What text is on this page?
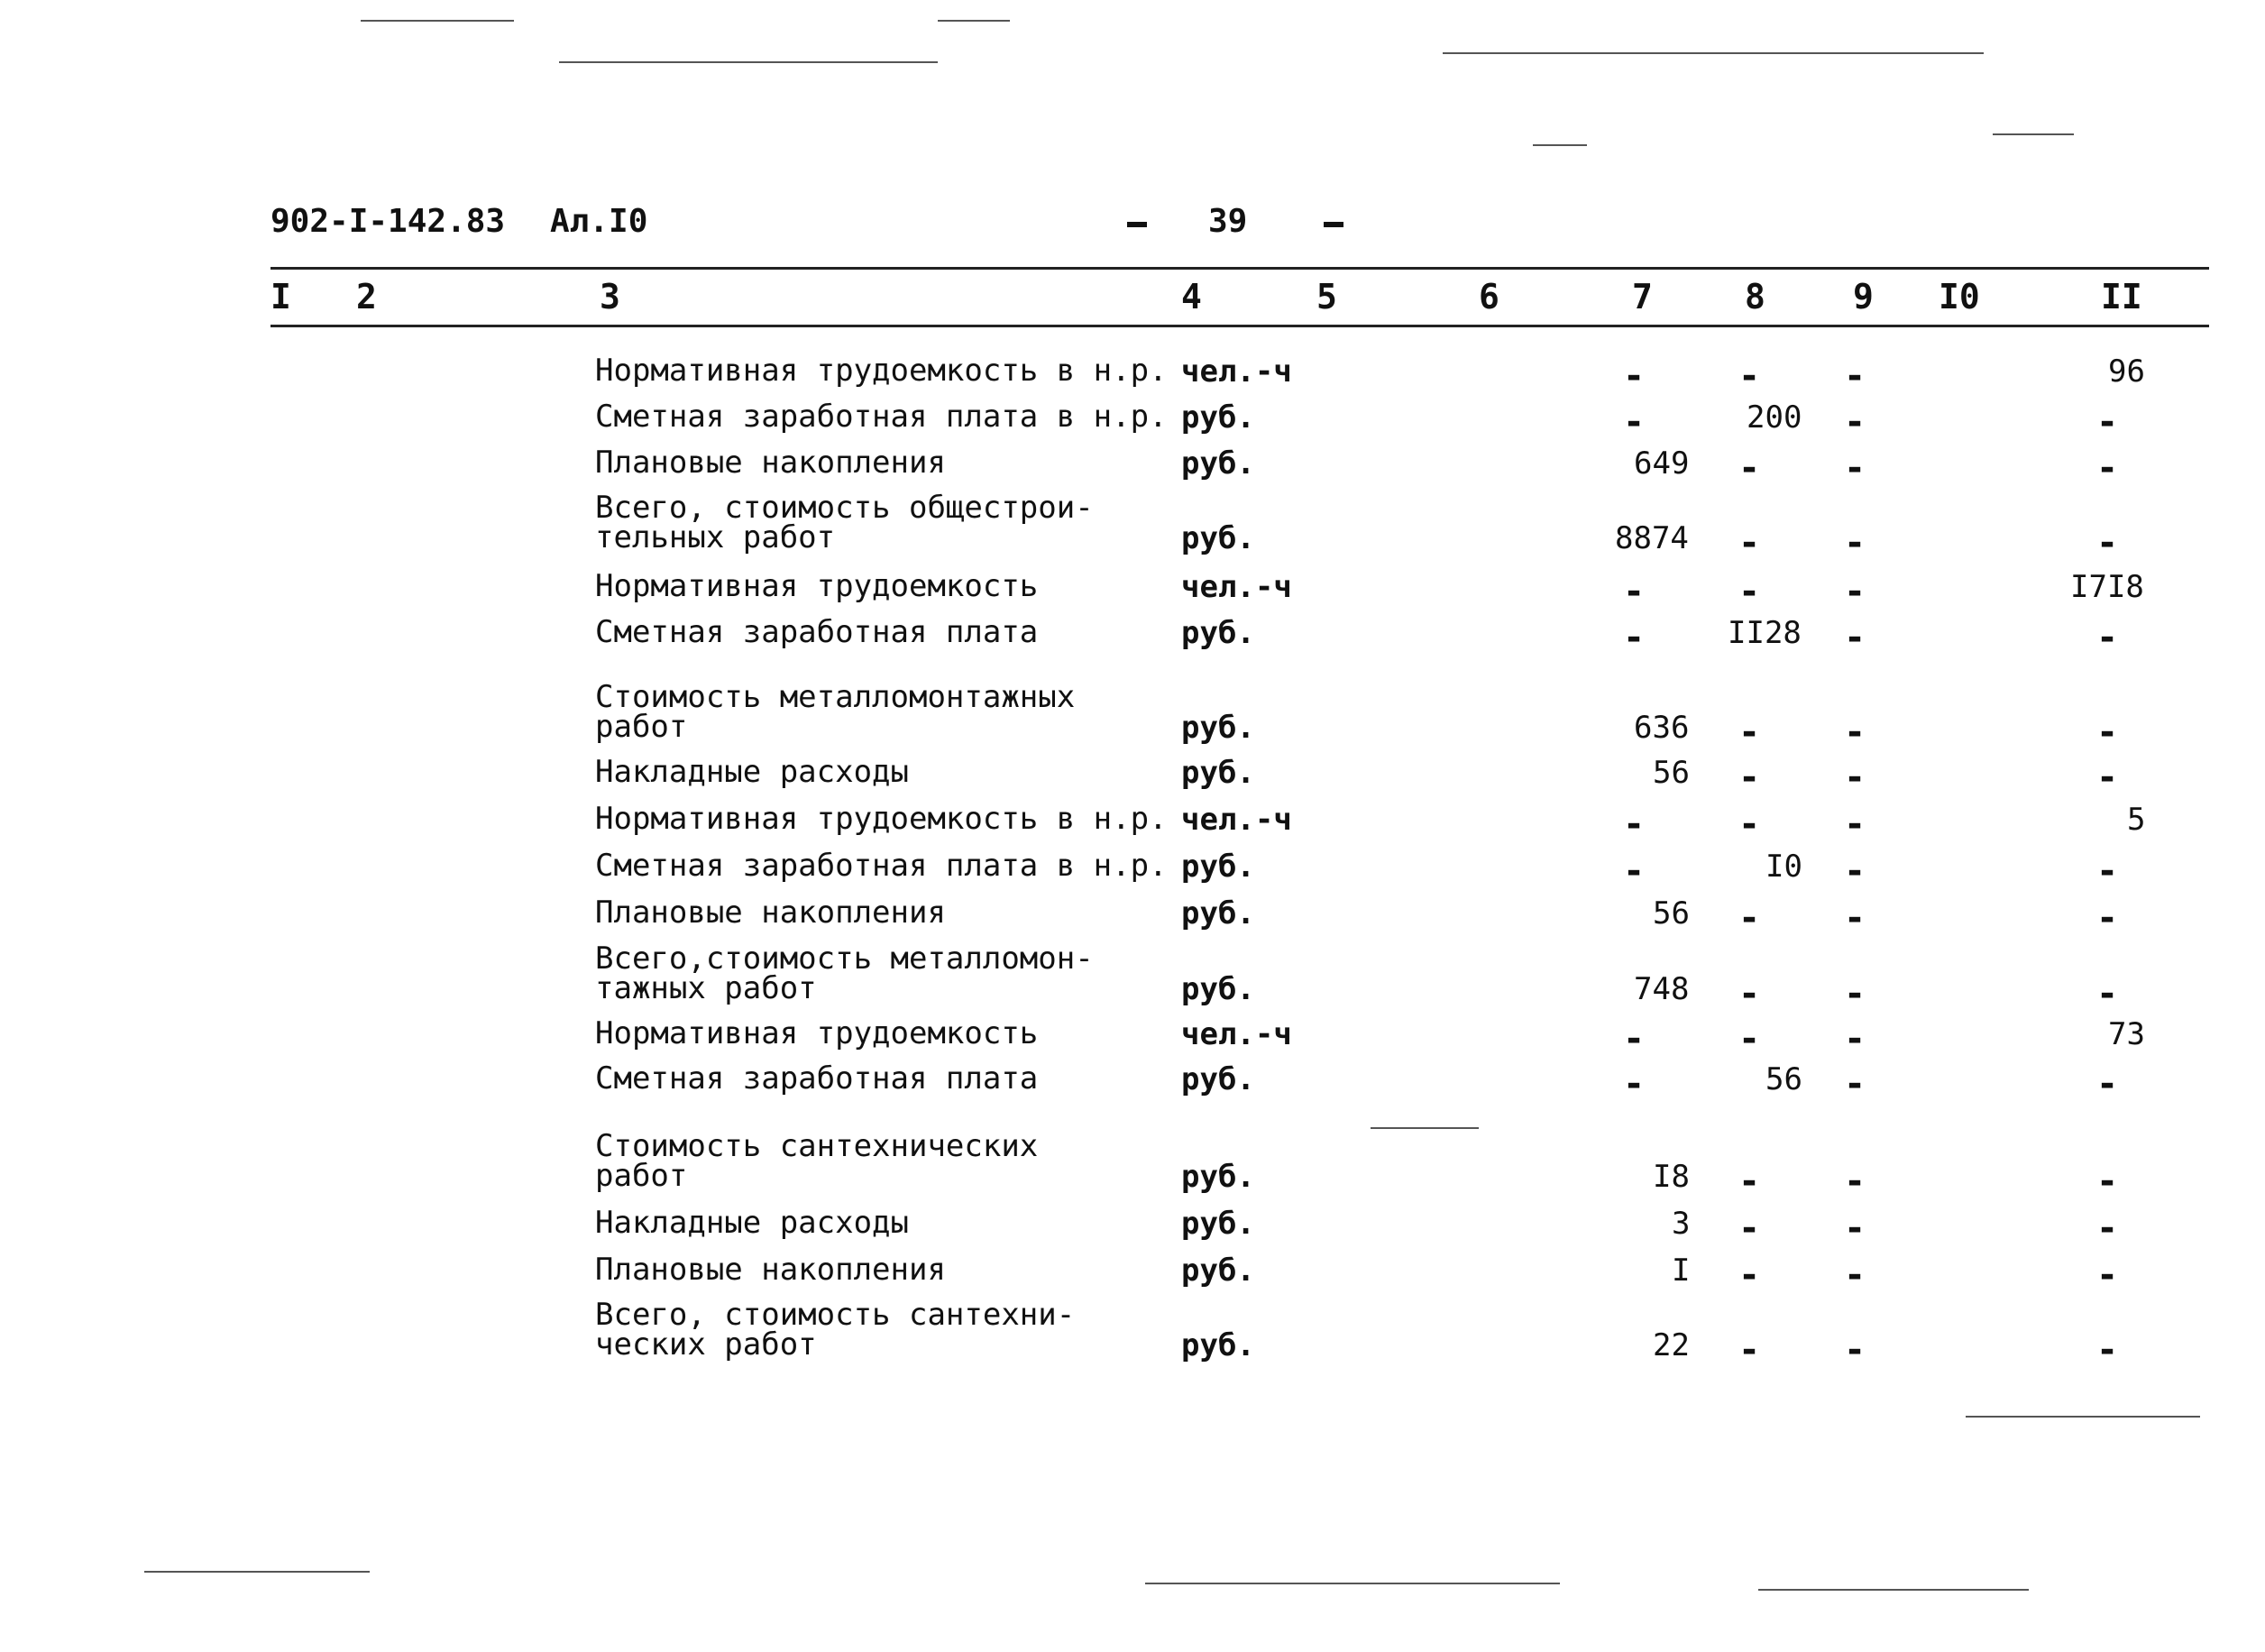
902-I-142.83 Ал.I0	39
I 2	3	4	5	6	7	8	9 I0	II
Нормативная трудоемкость в н.р. чел.-ч	-	- -	96
Сметная заработная плата в н.р. руб.	-	200 -	-
Плановые накопления	руб.	649 - -	-
Всего, стоимость общестрои-
тельных работ	руб.	8874 - -	-
Нормативная трудоемкость	чел.-ч	-	- -	I7I8
Сметная заработная плата	руб.	-	II28 -	-
Стоимость металломонтажных
работ	руб.	636 - -	-
Накладные расходы	руб.	56 - -	-
Нормативная трудоемкость в н.р. чел.-ч	-	- -	5
Сметная заработная плата в н.р. руб.	-	I0 -	-
Плановые накопления	руб.	56 - -	-
Всего,стоимость металломон-
тажных работ	руб.	748 - -	-
Нормативная трудоемкость	чел.-ч	-	- -	73
Сметная заработная плата	руб.	-	56 -	-
Стоимость сантехнических
работ	руб.	I8 - -	-
Накладные расходы	руб.	3 - -	-
Плановые накопления	руб.	I - -	-
Всего, стоимость сантехни-
ческих работ	руб.	22 - -	-
